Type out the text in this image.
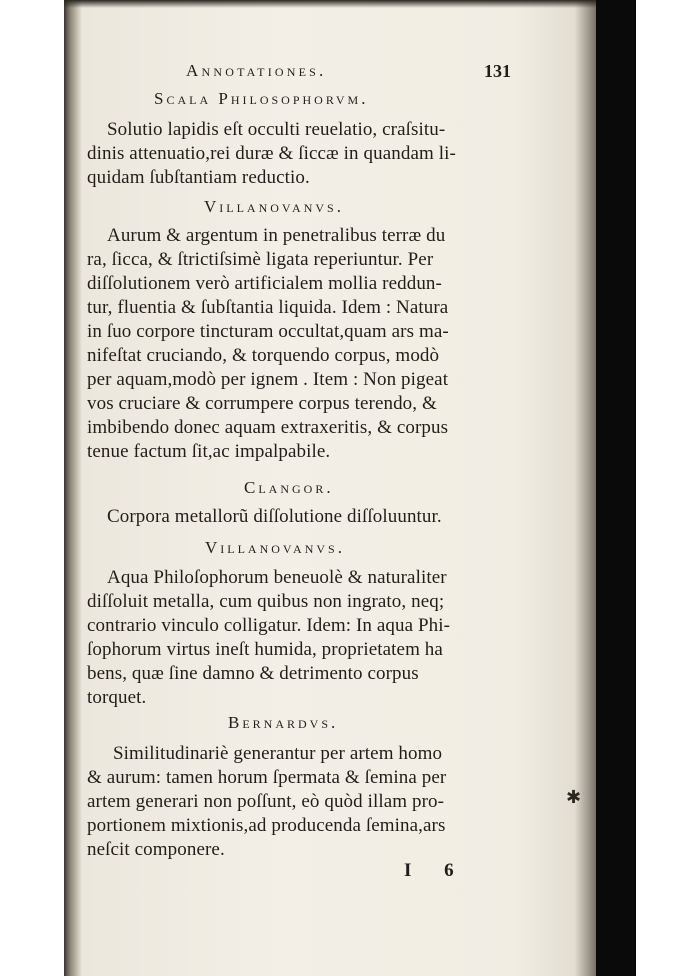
Annotationes.	131
Scala Philosophorvm.
Solutio lapidis eſt occulti reuelatio, craſsitu-
dinis attenuatio,rei duræ & ſiccæ in quandam li-
quidam ſubſtantiam reductio.
Villanovanvs.
Aurum & argentum in penetralibus terræ du
ra, ſicca, & ſtrictiſsimè ligata reperiuntur. Per
diſſolutionem verò artificialem mollia reddun-
tur, fluentia & ſubſtantia liquida. Idem : Natura
in ſuo corpore tincturam occultat,quam ars ma-
nifeſtat cruciando, & torquendo corpus, modò
per aquam,modò per ignem . Item : Non pigeat
vos cruciare & corrumpere corpus terendo, &
imbibendo donec aquam extraxeritis, & corpus
tenue factum ſit,ac impalpabile.
Clangor.
Corpora metallorũ diſſolutione diſſoluuntur.
Villanovanvs.
Aqua Philoſophorum beneuolè & naturaliter
diſſoluit metalla, cum quibus non ingrato, neq;
contrario vinculo colligatur. Idem: In aqua Phi-
ſophorum virtus ineſt humida, proprietatem ha
bens, quæ ſine damno & detrimento corpus
torquet.
Bernardvs.
Similitudinariè generantur per artem homo
& aurum: tamen horum ſpermata & ſemina per
artem generari non poſſunt, eò quòd illam pro-
portionem mixtionis,ad producenda ſemina,ars
neſcit componere.
I 6
✱
